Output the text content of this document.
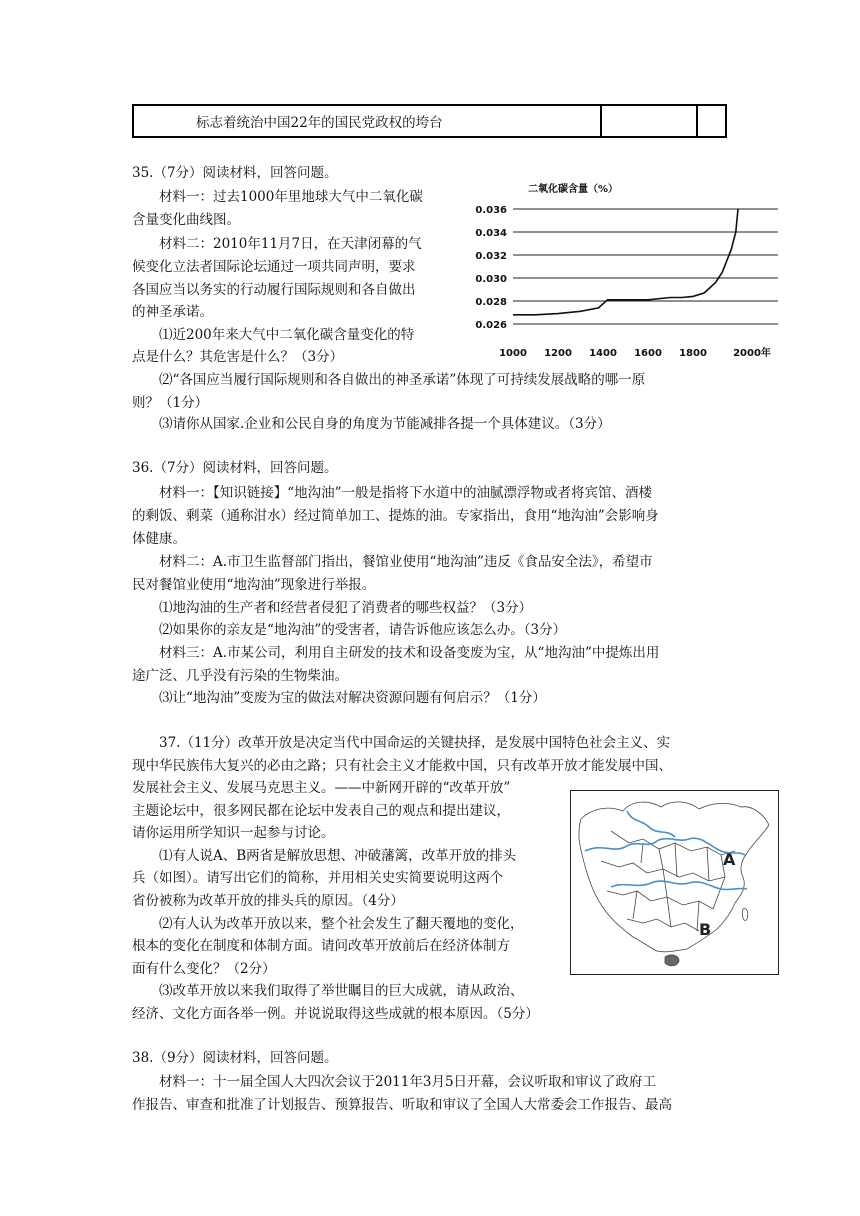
标志着统治中国22年的国民党政权的垮台		
35.（7分）阅读材料，回答问题。
材料一：过去1000年里地球大气中二氧化碳
含量变化曲线图。
材料二：2010年11月7日，在天津闭幕的气
候变化立法者国际论坛通过一项共同声明，要求
各国应当以务实的行动履行国际规则和各自做出
的神圣承诺。
⑴近200年来大气中二氧化碳含量变化的特
点是什么？其危害是什么？（3分）
⑵“各国应当履行国际规则和各自做出的神圣承诺”体现了可持续发展战略的哪一原
则？（1分）
⑶请你从国家.企业和公民自身的角度为节能减排各提一个具体建议。（3分）
二氧化碳含量（%）
0.036
0.034
0.032
0.030
0.028
0.026
1000 1200 1400 1600 1800	2000年
36.（7分）阅读材料，回答问题。
材料一：【知识链接】“地沟油”一般是指将下水道中的油腻漂浮物或者将宾馆、酒楼
的剩饭、剩菜（通称泔水）经过简单加工、提炼的油。专家指出，食用“地沟油”会影响身
体健康。
材料二：A.市卫生监督部门指出，餐馆业使用“地沟油”违反《食品安全法》，希望市
民对餐馆业使用“地沟油”现象进行举报。
⑴地沟油的生产者和经营者侵犯了消费者的哪些权益？（3分）
⑵如果你的亲友是“地沟油”的受害者，请告诉他应该怎么办。（3分）
材料三：A.市某公司，利用自主研发的技术和设备变废为宝，从“地沟油”中提炼出用
途广泛、几乎没有污染的生物柴油。
⑶让“地沟油”变废为宝的做法对解决资源问题有何启示？（1分）
37.（11分）改革开放是决定当代中国命运的关键抉择，是发展中国特色社会主义、实
现中华民族伟大复兴的必由之路；只有社会主义才能救中国，只有改革开放才能发展中国、
发展社会主义、发展马克思主义。——中新网开辟的“改革开放”
主题论坛中，很多网民都在论坛中发表自己的观点和提出建议，
请你运用所学知识一起参与讨论。
⑴有人说A、B两省是解放思想、冲破藩篱，改革开放的排头
兵（如图）。请写出它们的简称，并用相关史实简要说明这两个
省份被称为改革开放的排头兵的原因。（4分）
⑵有人认为改革开放以来，整个社会发生了翻天覆地的变化，
根本的变化在制度和体制方面。请问改革开放前后在经济体制方
面有什么变化？（2分）
⑶改革开放以来我们取得了举世瞩目的巨大成就，请从政治、
经济、文化方面各举一例。并说说取得这些成就的根本原因。（5分）
A
B
38.（9分）阅读材料，回答问题。
材料一：十一届全国人大四次会议于2011年3月5日开幕，会议听取和审议了政府工
作报告、审查和批准了计划报告、预算报告、听取和审议了全国人大常委会工作报告、最高
